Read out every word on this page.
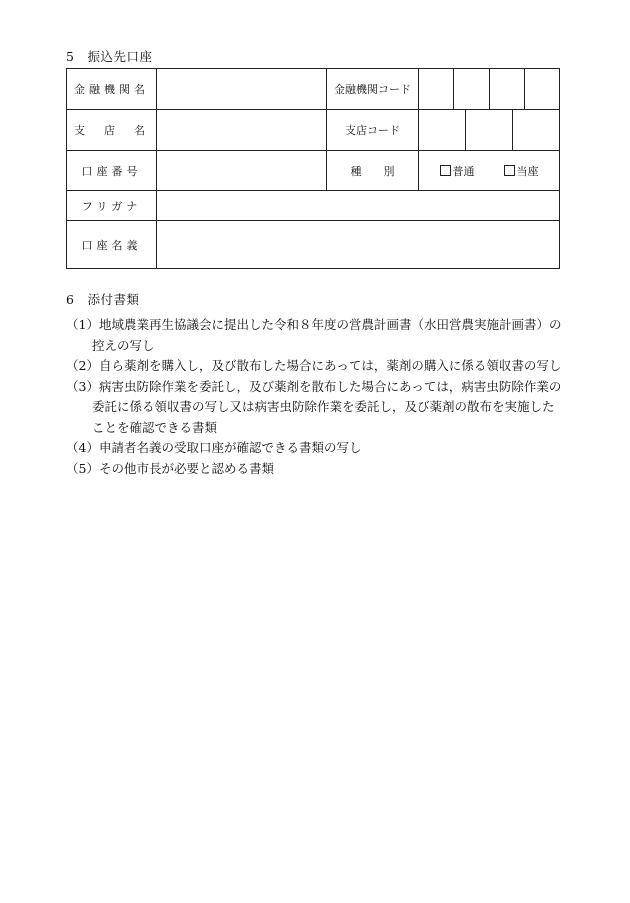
5　振込先口座
金融機関名		金融機関コード	

支　店　名		支店コード	

口座番号		種　　別	普通 当座

フリガナ			
口座名義			
6　添付書類
（1）地域農業再生協議会に提出した令和８年度の営農計画書（水田営農実施計画書）の控えの写し
（2）自ら薬剤を購入し，及び散布した場合にあっては，薬剤の購入に係る領収書の写し
（3）病害虫防除作業を委託し，及び薬剤を散布した場合にあっては，病害虫防除作業の委託に係る領収書の写し又は病害虫防除作業を委託し，及び薬剤の散布を実施したことを確認できる書類
（4）申請者名義の受取口座が確認できる書類の写し
（5）その他市長が必要と認める書類
